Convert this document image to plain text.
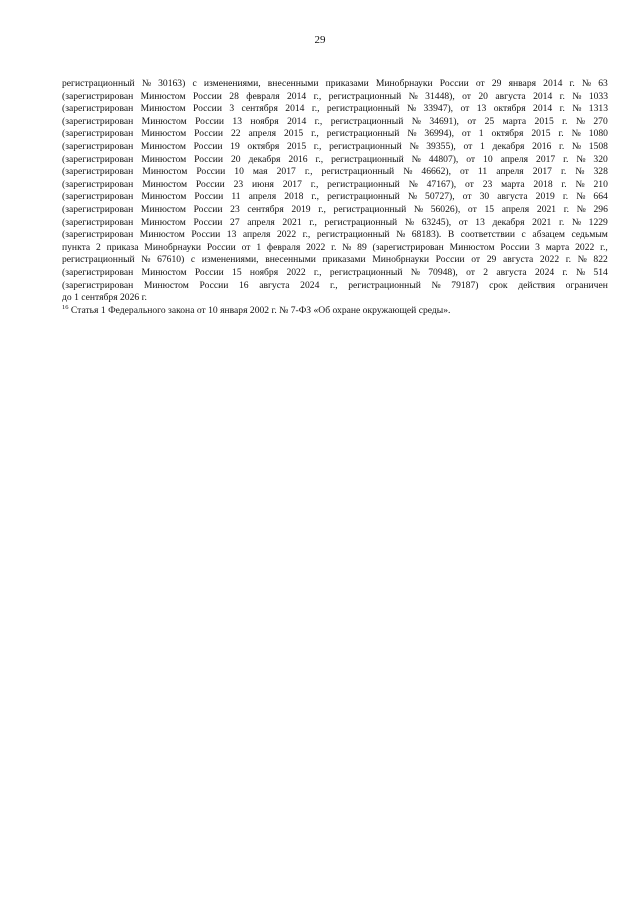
29
регистрационный № 30163) с изменениями, внесенными приказами Минобрнауки России от 29 января 2014 г. № 63
(зарегистрирован Минюстом России 28 февраля 2014 г., регистрационный № 31448), от 20 августа 2014 г. № 1033
(зарегистрирован Минюстом России 3 сентября 2014 г., регистрационный № 33947), от 13 октября 2014 г. № 1313
(зарегистрирован Минюстом России 13 ноября 2014 г., регистрационный № 34691), от 25 марта 2015 г. № 270
(зарегистрирован Минюстом России 22 апреля 2015 г., регистрационный № 36994), от 1 октября 2015 г. № 1080
(зарегистрирован Минюстом России 19 октября 2015 г., регистрационный № 39355), от 1 декабря 2016 г. № 1508
(зарегистрирован Минюстом России 20 декабря 2016 г., регистрационный № 44807), от 10 апреля 2017 г. № 320
(зарегистрирован Минюстом России 10 мая 2017 г., регистрационный № 46662), от 11 апреля 2017 г. № 328
(зарегистрирован Минюстом России 23 июня 2017 г., регистрационный № 47167), от 23 марта 2018 г. № 210
(зарегистрирован Минюстом России 11 апреля 2018 г., регистрационный № 50727), от 30 августа 2019 г. № 664
(зарегистрирован Минюстом России 23 сентября 2019 г., регистрационный № 56026), от 15 апреля 2021 г. № 296
(зарегистрирован Минюстом России 27 апреля 2021 г., регистрационный № 63245), от 13 декабря 2021 г. № 1229
(зарегистрирован Минюстом России 13 апреля 2022 г., регистрационный № 68183). В соответствии с абзацем седьмым
пункта 2 приказа Минобрнауки России от 1 февраля 2022 г. № 89 (зарегистрирован Минюстом России 3 марта 2022 г.,
регистрационный № 67610) с изменениями, внесенными приказами Минобрнауки России от 29 августа 2022 г. № 822
(зарегистрирован Минюстом России 15 ноября 2022 г., регистрационный № 70948), от 2 августа 2024 г. № 514
(зарегистрирован Минюстом России 16 августа 2024 г., регистрационный № 79187) срок действия ограничен
до 1 сентября 2026 г.
$^{16}$ Статья 1 Федерального закона от 10 января 2002 г. № 7-ФЗ «Об охране окружающей среды».
